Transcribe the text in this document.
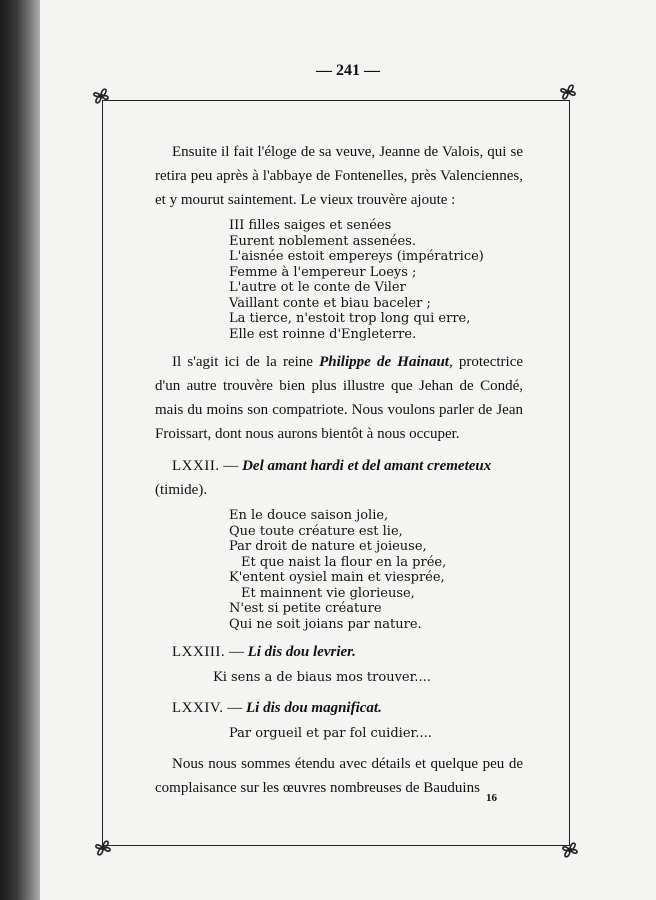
— 241 —

Ensuite il fait l'éloge de sa veuve, Jeanne de Valois, qui se retira peu après à l'abbaye de Fontenelles, près Valenciennes, et y mourut saintement. Le vieux trouvère ajoute :

III filles saiges et senées
Eurent noblement assenées.
L'aisnée estoit empereys (impératrice)
Femme à l'empereur Loeys ;
L'autre ot le conte de Viler
Vaillant conte et biau baceler ;
La tierce, n'estoit trop long qui erre,
Elle est roinne d'Engleterre.

Il s'agit ici de la reine Philippe de Hainaut, protectrice d'un autre trouvère bien plus illustre que Jehan de Condé, mais du moins son compatriote. Nous voulons parler de Jean Froissart, dont nous aurons bientôt à nous occuper.

LXXII. — Del amant hardi et del amant cremeteux
(timide).
En le douce saison jolie,
Que toute créature est lie,
Par droit de nature et joieuse,
Et que naist la flour en la prée,
K'entent oysiel main et viesprée,
Et mainnent vie glorieuse,
N'est si petite créature
Qui ne soit joians par nature.
LXXIII. — Li dis dou levrier.
Ki sens a de biaus mos trouver....
LXXIV. — Li dis dou magnificat.
Par orgueil et par fol cuidier....

Nous nous sommes étendu avec détails et quelque peu de complaisance sur les œuvres nombreuses de Bauduins

16
